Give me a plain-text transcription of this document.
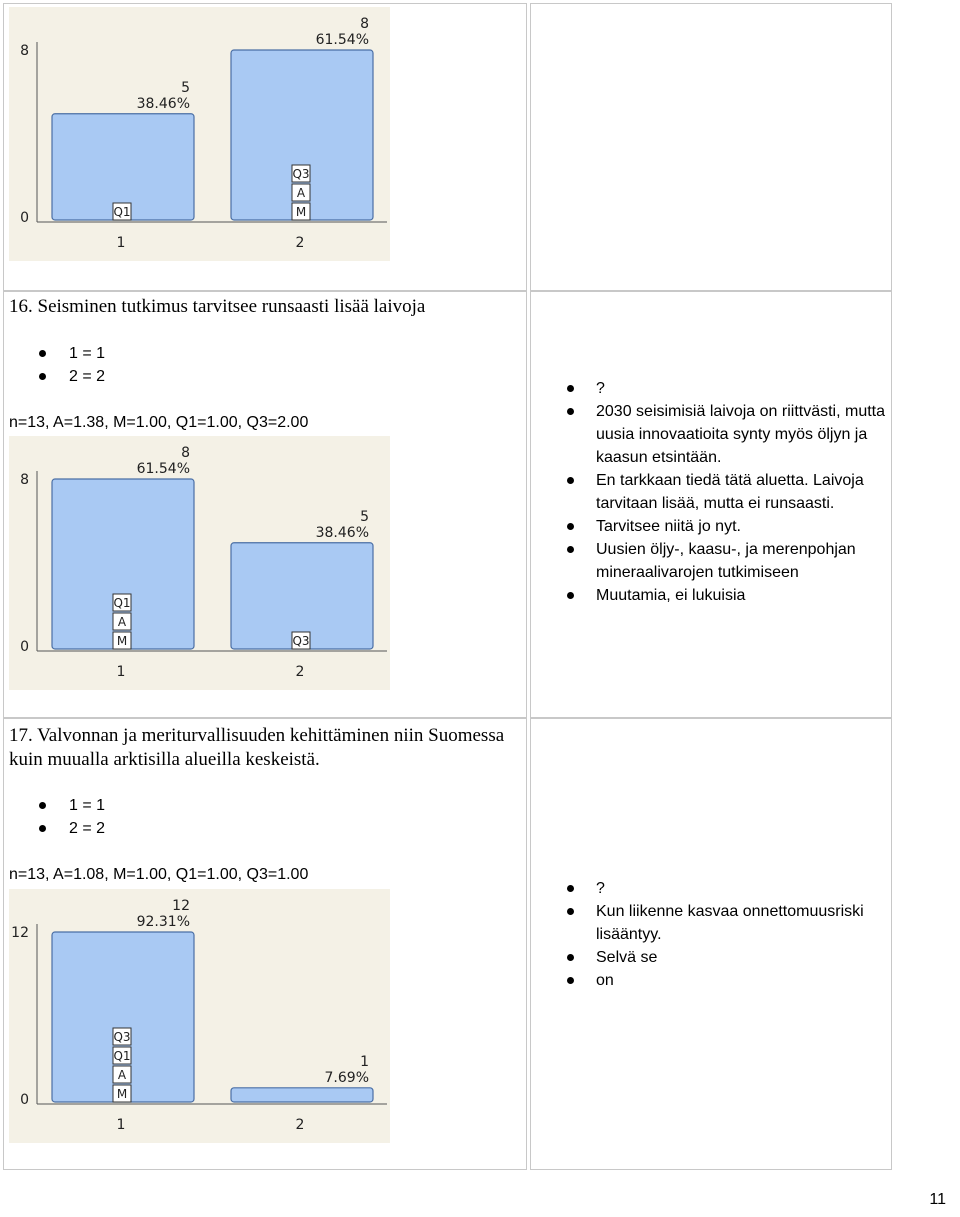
8
0
5
38.46%
1
Q1
8
61.54%
2
Q3
A
M

16. Seisminen tutkimus tarvitsee runsaasti lisää laivoja

1 = 1
2 = 2
n=13, A=1.38, M=1.00, Q1=1.00, Q3=2.00
8
0
8
61.54%
1
Q1
A
M
5
38.46%
2
Q3
?
2030 seisimisiä laivoja on riittvästi, mutta uusia innovaatioita synty myös öljyn ja kaasun etsintään.
En tarkkaan tiedä tätä aluetta. Laivoja tarvitaan lisää, mutta ei runsaasti.
Tarvitsee niitä jo nyt.
Uusien öljy-, kaasu-, ja merenpohjan mineraalivarojen tutkimiseen
Muutamia, ei lukuisia

17. Valvonnan ja meriturvallisuuden kehittäminen niin Suomessa kuin muualla arktisilla alueilla keskeistä.

1 = 1
2 = 2
n=13, A=1.08, M=1.00, Q1=1.00, Q3=1.00
12
0
12
92.31%
1
Q3
Q1
A
M
1
7.69%
2
?
Kun liikenne kasvaa onnettomuusriski lisääntyy.
Selvä se
on
11
